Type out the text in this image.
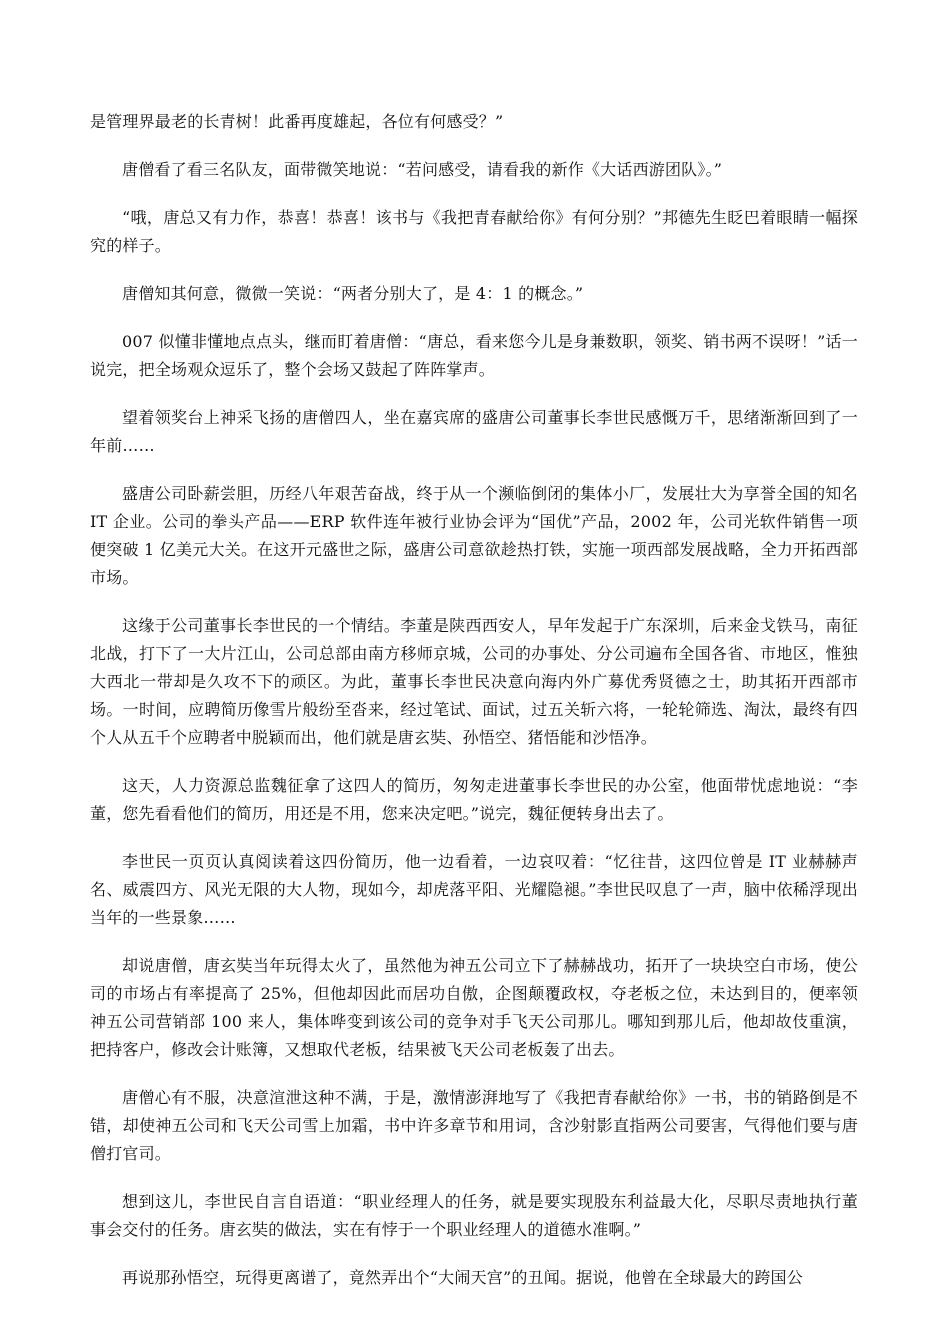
是管理界最老的长青树！此番再度雄起，各位有何感受？”

唐僧看了看三名队友，面带微笑地说：“若问感受，请看我的新作《大话西游团队》。”

“哦，唐总又有力作，恭喜！恭喜！该书与《我把青春献给你》有何分别？”邦德先生眨巴着眼睛一幅探究的样子。

唐僧知其何意，微微一笑说：“两者分别大了，是 4：1 的概念。”

007 似懂非懂地点点头，继而盯着唐僧：“唐总，看来您今儿是身兼数职，领奖、销书两不误呀！”话一说完，把全场观众逗乐了，整个会场又鼓起了阵阵掌声。

望着领奖台上神采飞扬的唐僧四人，坐在嘉宾席的盛唐公司董事长李世民感慨万千，思绪渐渐回到了一年前……

盛唐公司卧薪尝胆，历经八年艰苦奋战，终于从一个濒临倒闭的集体小厂，发展壮大为享誉全国的知名 IT 企业。公司的拳头产品——ERP 软件连年被行业协会评为“国优”产品，2002 年，公司光软件销售一项便突破 1 亿美元大关。在这开元盛世之际，盛唐公司意欲趁热打铁，实施一项西部发展战略，全力开拓西部市场。

这缘于公司董事长李世民的一个情结。李董是陕西西安人，早年发起于广东深圳，后来金戈铁马，南征北战，打下了一大片江山，公司总部由南方移师京城，公司的办事处、分公司遍布全国各省、市地区，惟独大西北一带却是久攻不下的顽区。为此，董事长李世民决意向海内外广募优秀贤德之士，助其拓开西部市场。一时间，应聘简历像雪片般纷至沓来，经过笔试、面试，过五关斩六将，一轮轮筛选、淘汰，最终有四个人从五千个应聘者中脱颖而出，他们就是唐玄奘、孙悟空、猪悟能和沙悟净。

这天，人力资源总监魏征拿了这四人的简历，匆匆走进董事长李世民的办公室，他面带忧虑地说：“李董，您先看看他们的简历，用还是不用，您来决定吧。”说完，魏征便转身出去了。

李世民一页页认真阅读着这四份简历，他一边看着，一边哀叹着：“忆往昔，这四位曾是 IT 业赫赫声名、威震四方、风光无限的大人物，现如今，却虎落平阳、光耀隐褪。”李世民叹息了一声，脑中依稀浮现出当年的一些景象……

却说唐僧，唐玄奘当年玩得太火了，虽然他为神五公司立下了赫赫战功，拓开了一块块空白市场，使公司的市场占有率提高了 25%，但他却因此而居功自傲，企图颠覆政权，夺老板之位，未达到目的，便率领神五公司营销部 100 来人，集体哗变到该公司的竞争对手飞天公司那儿。哪知到那儿后，他却故伎重演，把持客户，修改会计账簿，又想取代老板，结果被飞天公司老板轰了出去。

唐僧心有不服，决意渲泄这种不满，于是，激情澎湃地写了《我把青春献给你》一书，书的销路倒是不错，却使神五公司和飞天公司雪上加霜，书中许多章节和用词，含沙射影直指两公司要害，气得他们要与唐僧打官司。

想到这儿，李世民自言自语道：“职业经理人的任务，就是要实现股东利益最大化，尽职尽责地执行董事会交付的任务。唐玄奘的做法，实在有悖于一个职业经理人的道德水准啊。”

再说那孙悟空，玩得更离谱了，竟然弄出个“大闹天宫”的丑闻。据说，他曾在全球最大的跨国公
